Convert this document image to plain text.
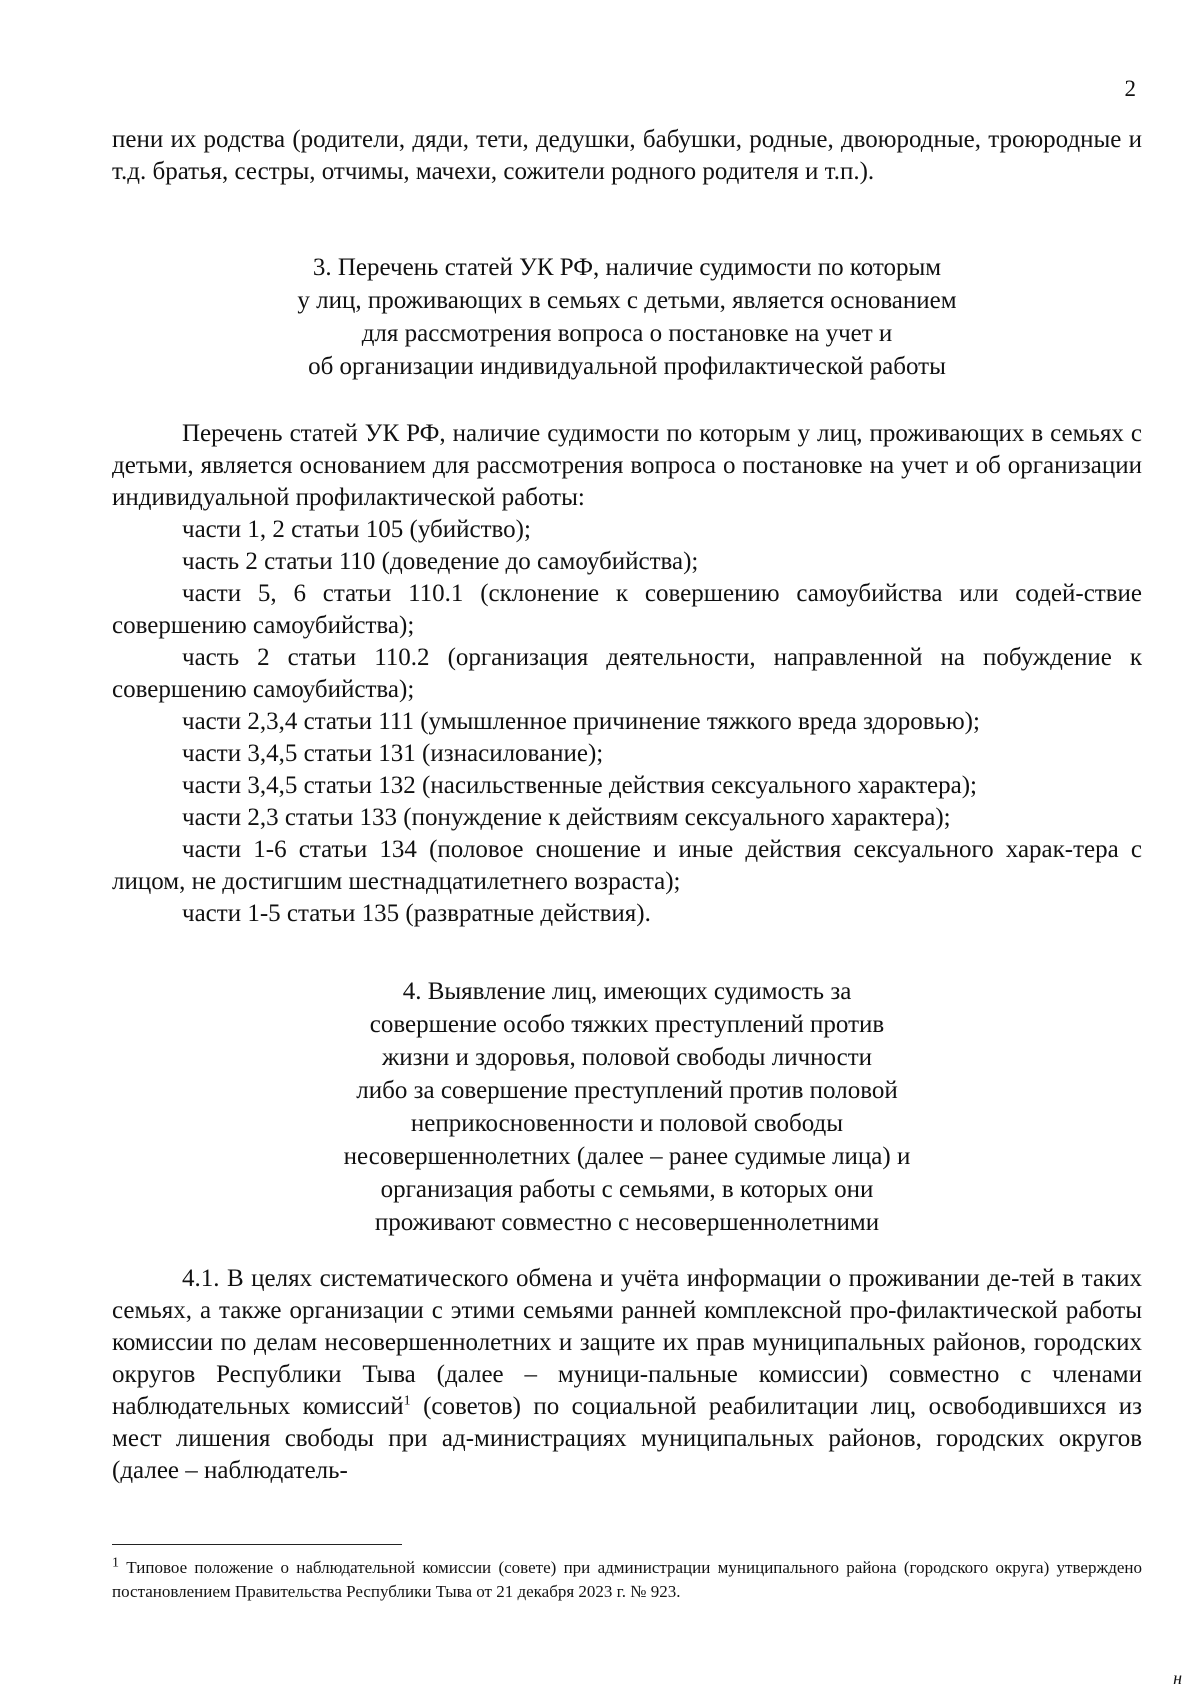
2

пени их родства (родители, дяди, тети, дедушки, бабушки, родные, двоюродные, троюродные и т.д. братья, сестры, отчимы, мачехи, сожители родного родителя и т.п.).

3. Перечень статей УК РФ, наличие судимости по которым
у лиц, проживающих в семьях с детьми, является основанием
для рассмотрения вопроса о постановке на учет и
об организации индивидуальной профилактической работы

Перечень статей УК РФ, наличие судимости по которым у лиц, проживающих в семьях с детьми, является основанием для рассмотрения вопроса о постановке на учет и об организации индивидуальной профилактической работы:

части 1, 2 статьи 105 (убийство);

часть 2 статьи 110 (доведение до самоубийства);

части 5, 6 статьи 110.1 (склонение к совершению самоубийства или содей-ствие совершению самоубийства);

часть 2 статьи 110.2 (организация деятельности, направленной на побуждение к совершению самоубийства);

части 2,3,4 статьи 111 (умышленное причинение тяжкого вреда здоровью);

части 3,4,5 статьи 131 (изнасилование);

части 3,4,5 статьи 132 (насильственные действия сексуального характера);

части 2,3 статьи 133 (понуждение к действиям сексуального характера);

части 1-6 статьи 134 (половое сношение и иные действия сексуального харак-тера с лицом, не достигшим шестнадцатилетнего возраста);

части 1-5 статьи 135 (развратные действия).

4. Выявление лиц, имеющих судимость за
совершение особо тяжких преступлений против
жизни и здоровья, половой свободы личности
либо за совершение преступлений против половой
неприкосновенности и половой свободы
несовершеннолетних (далее – ранее судимые лица) и
организация работы с семьями, в которых они
проживают совместно с несовершеннолетними

4.1. В целях систематического обмена и учёта информации о проживании де-тей в таких семьях, а также организации с этими семьями ранней комплексной про-филактической работы комиссии по делам несовершеннолетних и защите их прав муниципальных районов, городских округов Республики Тыва (далее – муници-пальные комиссии) совместно с членами наблюдательных комиссий$^1$ (советов) по социальной реабилитации лиц, освободившихся из мест лишения свободы при ад-министрациях муниципальных районов, городских округов (далее – наблюдатель-

$^1$ Типовое положение о наблюдательной комиссии (совете) при администрации муниципального района (городского округа) утверждено постановлением Правительства Республики Тыва от 21 декабря 2023 г. № 923.

н
